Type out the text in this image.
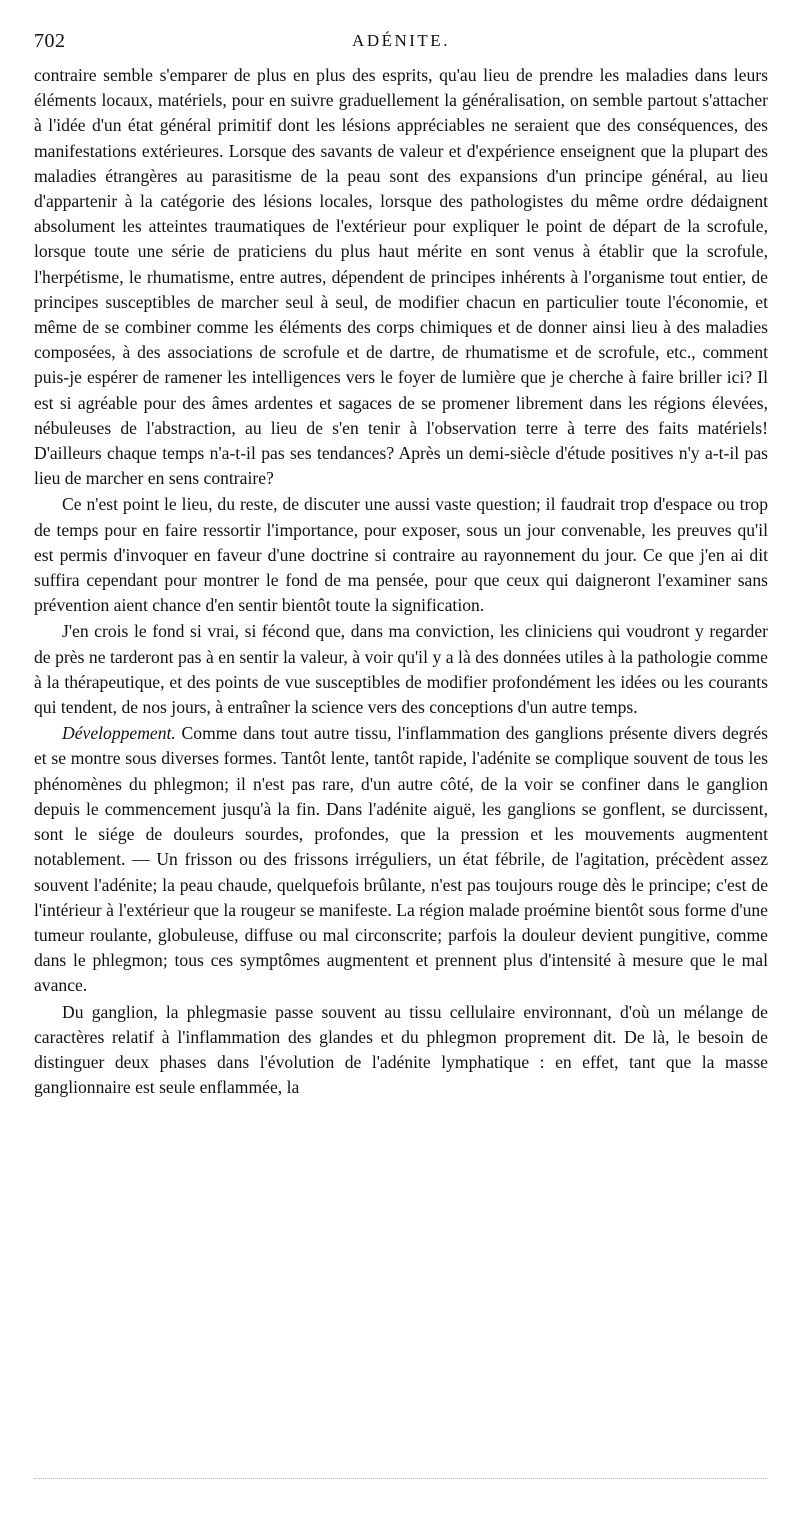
702	ADÉNITE.

contraire semble s'emparer de plus en plus des esprits, qu'au lieu de prendre les maladies dans leurs éléments locaux, matériels, pour en suivre graduellement la généralisation, on semble partout s'attacher à l'idée d'un état général primitif dont les lésions appréciables ne seraient que des conséquences, des manifestations extérieures. Lorsque des savants de valeur et d'expérience enseignent que la plupart des maladies étrangères au parasitisme de la peau sont des expansions d'un principe général, au lieu d'appartenir à la catégorie des lésions locales, lorsque des pathologistes du même ordre dédaignent absolument les atteintes traumatiques de l'extérieur pour expliquer le point de départ de la scrofule, lorsque toute une série de praticiens du plus haut mérite en sont venus à établir que la scrofule, l'herpétisme, le rhumatisme, entre autres, dépendent de principes inhérents à l'organisme tout entier, de principes susceptibles de marcher seul à seul, de modifier chacun en particulier toute l'économie, et même de se combiner comme les éléments des corps chimiques et de donner ainsi lieu à des maladies composées, à des associations de scrofule et de dartre, de rhumatisme et de scrofule, etc., comment puis-je espérer de ramener les intelligences vers le foyer de lumière que je cherche à faire briller ici? Il est si agréable pour des âmes ardentes et sagaces de se promener librement dans les régions élevées, nébuleuses de l'abstraction, au lieu de s'en tenir à l'observation terre à terre des faits matériels! D'ailleurs chaque temps n'a-t-il pas ses tendances? Après un demi-siècle d'étude positives n'y a-t-il pas lieu de marcher en sens contraire?

Ce n'est point le lieu, du reste, de discuter une aussi vaste question; il faudrait trop d'espace ou trop de temps pour en faire ressortir l'importance, pour exposer, sous un jour convenable, les preuves qu'il est permis d'invoquer en faveur d'une doctrine si contraire au rayonnement du jour. Ce que j'en ai dit suffira cependant pour montrer le fond de ma pensée, pour que ceux qui daigneront l'examiner sans prévention aient chance d'en sentir bientôt toute la signification.

J'en crois le fond si vrai, si fécond que, dans ma conviction, les cliniciens qui voudront y regarder de près ne tarderont pas à en sentir la valeur, à voir qu'il y a là des données utiles à la pathologie comme à la thérapeutique, et des points de vue susceptibles de modifier profondément les idées ou les courants qui tendent, de nos jours, à entraîner la science vers des conceptions d'un autre temps.

Développement. Comme dans tout autre tissu, l'inflammation des ganglions présente divers degrés et se montre sous diverses formes. Tantôt lente, tantôt rapide, l'adénite se complique souvent de tous les phénomènes du phlegmon; il n'est pas rare, d'un autre côté, de la voir se confiner dans le ganglion depuis le commencement jusqu'à la fin. Dans l'adénite aiguë, les ganglions se gonflent, se durcissent, sont le siége de douleurs sourdes, profondes, que la pression et les mouvements augmentent notablement. — Un frisson ou des frissons irréguliers, un état fébrile, de l'agitation, précèdent assez souvent l'adénite; la peau chaude, quelquefois brûlante, n'est pas toujours rouge dès le principe; c'est de l'intérieur à l'extérieur que la rougeur se manifeste. La région malade proémine bientôt sous forme d'une tumeur roulante, globuleuse, diffuse ou mal circonscrite; parfois la douleur devient pungitive, comme dans le phlegmon; tous ces symptômes augmentent et prennent plus d'intensité à mesure que le mal avance.

Du ganglion, la phlegmasie passe souvent au tissu cellulaire environnant, d'où un mélange de caractères relatif à l'inflammation des glandes et du phlegmon proprement dit. De là, le besoin de distinguer deux phases dans l'évolution de l'adénite lymphatique : en effet, tant que la masse ganglionnaire est seule enflammée, la
